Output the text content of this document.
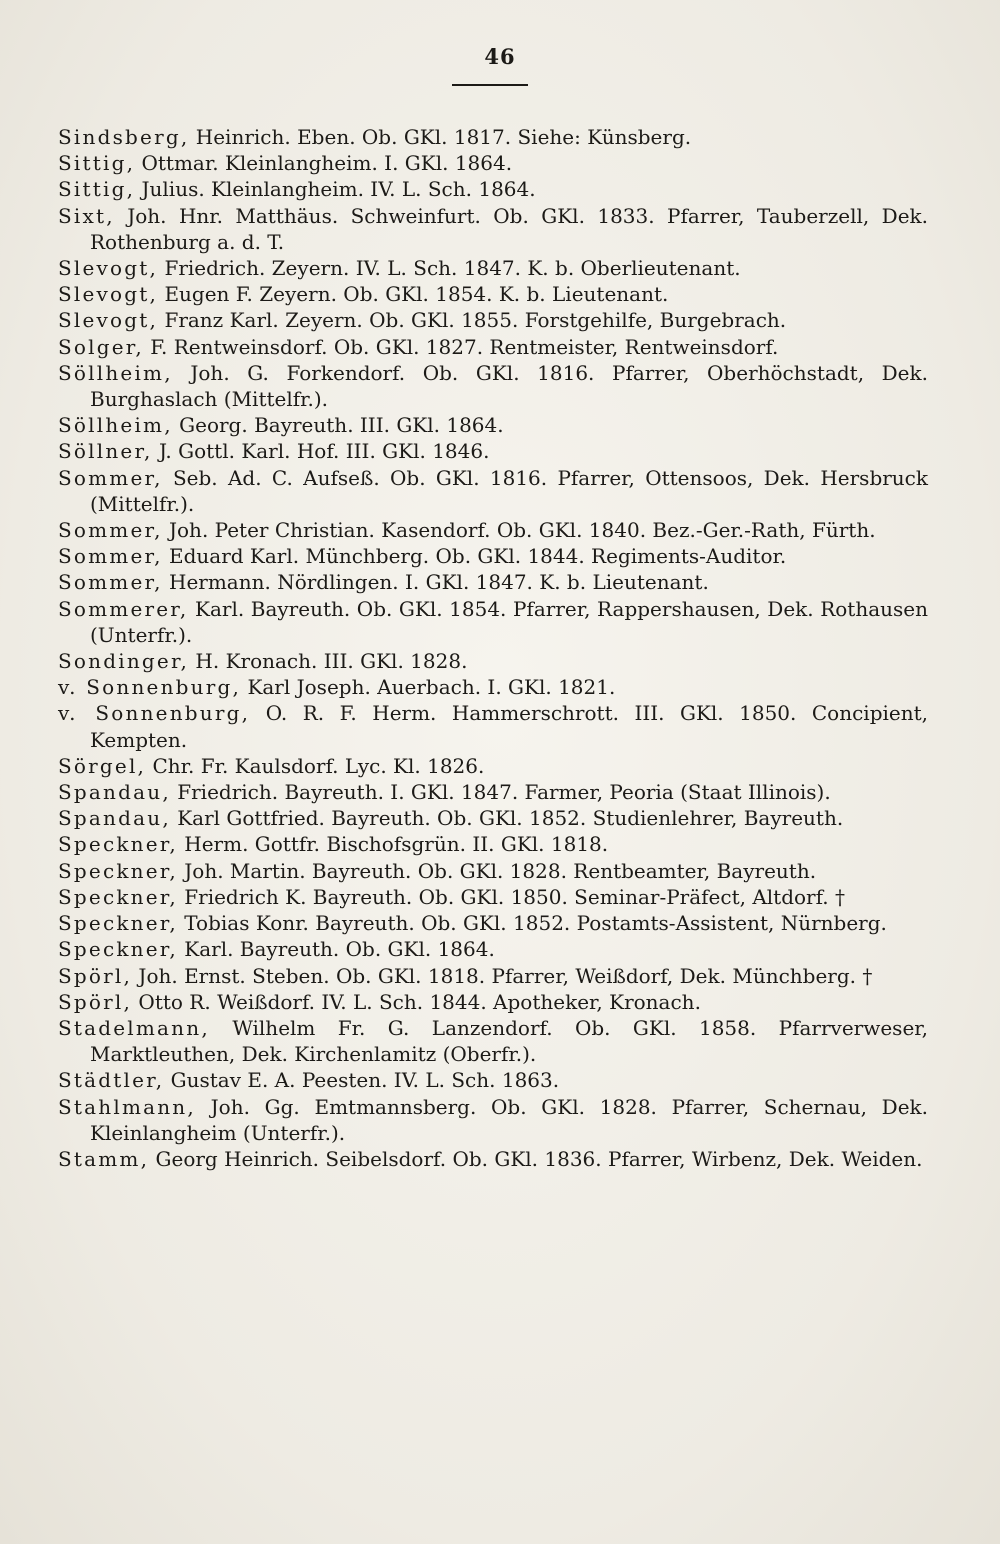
46
Sindsberg, Heinrich. Eben. Ob. GKl. 1817. Siehe: Künsberg.
Sittig, Ottmar. Kleinlangheim. I. GKl. 1864.
Sittig, Julius. Kleinlangheim. IV. L. Sch. 1864.
Sixt, Joh. Hnr. Matthäus. Schweinfurt. Ob. GKl. 1833. Pfarrer, Tauberzell, Dek. Rothenburg a. d. T.
Slevogt, Friedrich. Zeyern. IV. L. Sch. 1847. K. b. Oberlieutenant.
Slevogt, Eugen F. Zeyern. Ob. GKl. 1854. K. b. Lieutenant.
Slevogt, Franz Karl. Zeyern. Ob. GKl. 1855. Forstgehilfe, Burgebrach.
Solger, F. Rentweinsdorf. Ob. GKl. 1827. Rentmeister, Rentweinsdorf.
Söllheim, Joh. G. Forkendorf. Ob. GKl. 1816. Pfarrer, Oberhöchstadt, Dek. Burghaslach (Mittelfr.).
Söllheim, Georg. Bayreuth. III. GKl. 1864.
Söllner, J. Gottl. Karl. Hof. III. GKl. 1846.
Sommer, Seb. Ad. C. Aufseß. Ob. GKl. 1816. Pfarrer, Ottensoos, Dek. Hersbruck (Mittelfr.).
Sommer, Joh. Peter Christian. Kasendorf. Ob. GKl. 1840. Bez.-Ger.-Rath, Fürth.
Sommer, Eduard Karl. Münchberg. Ob. GKl. 1844. Regiments-Auditor.
Sommer, Hermann. Nördlingen. I. GKl. 1847. K. b. Lieutenant.
Sommerer, Karl. Bayreuth. Ob. GKl. 1854. Pfarrer, Rappershausen, Dek. Rothausen (Unterfr.).
Sondinger, H. Kronach. III. GKl. 1828.
v. Sonnenburg, Karl Joseph. Auerbach. I. GKl. 1821.
v. Sonnenburg, O. R. F. Herm. Hammerschrott. III. GKl. 1850. Concipient, Kempten.
Sörgel, Chr. Fr. Kaulsdorf. Lyc. Kl. 1826.
Spandau, Friedrich. Bayreuth. I. GKl. 1847. Farmer, Peoria (Staat Illinois).
Spandau, Karl Gottfried. Bayreuth. Ob. GKl. 1852. Studienlehrer, Bayreuth.
Speckner, Herm. Gottfr. Bischofsgrün. II. GKl. 1818.
Speckner, Joh. Martin. Bayreuth. Ob. GKl. 1828. Rentbeamter, Bayreuth.
Speckner, Friedrich K. Bayreuth. Ob. GKl. 1850. Seminar-Präfect, Altdorf. †
Speckner, Tobias Konr. Bayreuth. Ob. GKl. 1852. Postamts-Assistent, Nürnberg.
Speckner, Karl. Bayreuth. Ob. GKl. 1864.
Spörl, Joh. Ernst. Steben. Ob. GKl. 1818. Pfarrer, Weißdorf, Dek. Münchberg. †
Spörl, Otto R. Weißdorf. IV. L. Sch. 1844. Apotheker, Kronach.
Stadelmann, Wilhelm Fr. G. Lanzendorf. Ob. GKl. 1858. Pfarrverweser, Marktleuthen, Dek. Kirchenlamitz (Oberfr.).
Städtler, Gustav E. A. Peesten. IV. L. Sch. 1863.
Stahlmann, Joh. Gg. Emtmannsberg. Ob. GKl. 1828. Pfarrer, Schernau, Dek. Kleinlangheim (Unterfr.).
Stamm, Georg Heinrich. Seibelsdorf. Ob. GKl. 1836. Pfarrer, Wirbenz, Dek. Weiden.
